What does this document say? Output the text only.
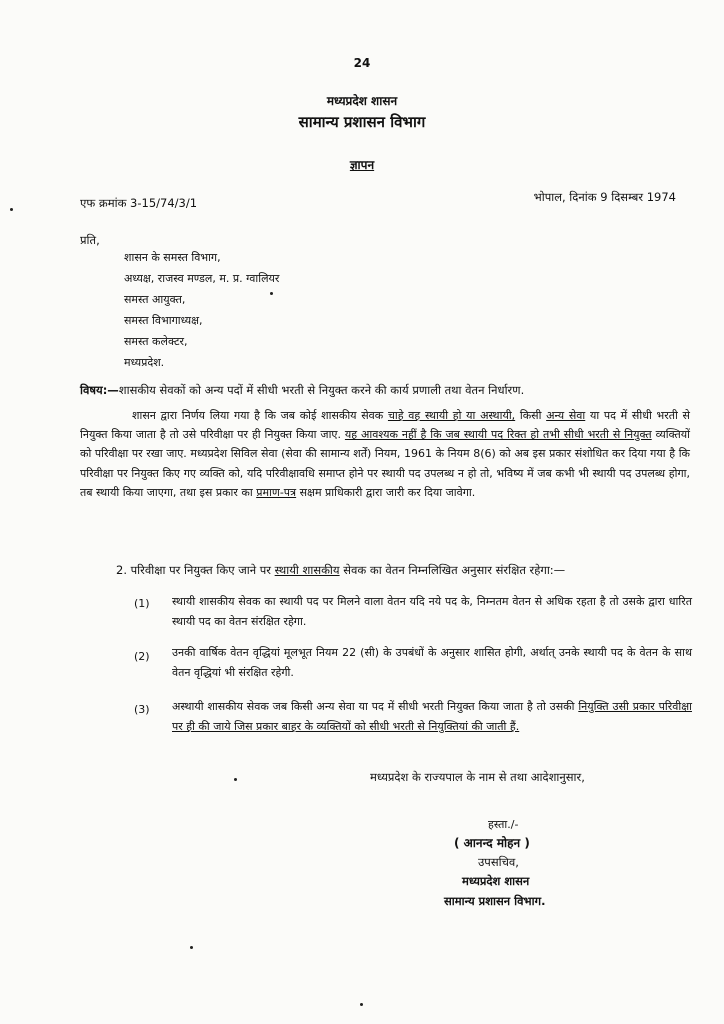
24
मध्यप्रदेश शासन
सामान्य प्रशासन विभाग
ज्ञापन
एफ क्रमांक 3-15/74/3/1	भोपाल, दिनांक 9 दिसम्बर 1974
प्रति,
शासन के समस्त विभाग,
अध्यक्ष, राजस्व मण्डल, म. प्र. ग्वालियर
समस्त आयुक्त,
समस्त विभागाध्यक्ष,
समस्त कलेक्टर,
मध्यप्रदेश.
विषय:—शासकीय सेवकों को अन्य पदों में सीधी भरती से नियुक्त करने की कार्य प्रणाली तथा वेतन निर्धारण.
शासन द्वारा निर्णय लिया गया है कि जब कोई शासकीय सेवक चाहे वह स्थायी हो या अस्थायी, किसी अन्य सेवा या पद में सीधी भरती से नियुक्त किया जाता है तो उसे परिवीक्षा पर ही नियुक्त किया जाए. यह आवश्यक नहीं है कि जब स्थायी पद रिक्त हो तभी सीधी भरती से नियुक्त व्यक्तियों को परिवीक्षा पर रखा जाए. मध्यप्रदेश सिविल सेवा (सेवा की सामान्य शर्तें) नियम, 1961 के नियम 8(6) को अब इस प्रकार संशोधित कर दिया गया है कि परिवीक्षा पर नियुक्त किए गए व्यक्ति को, यदि परिवीक्षावधि समाप्त होने पर स्थायी पद उपलब्ध न हो तो, भविष्य में जब कभी भी स्थायी पद उपलब्ध होगा, तब स्थायी किया जाएगा, तथा इस प्रकार का प्रमाण-पत्र सक्षम प्राधिकारी द्वारा जारी कर दिया जावेगा.
2. परिवीक्षा पर नियुक्त किए जाने पर स्थायी शासकीय सेवक का वेतन निम्नलिखित अनुसार संरक्षित रहेगा:—
(1) स्थायी शासकीय सेवक का स्थायी पद पर मिलने वाला वेतन यदि नये पद के, निम्नतम वेतन से अधिक रहता है तो उसके द्वारा धारित स्थायी पद का वेतन संरक्षित रहेगा.
(2) उनकी वार्षिक वेतन वृद्धियां मूलभूत नियम 22 (सी) के उपबंधों के अनुसार शासित होगी, अर्थात् उनके स्थायी पद के वेतन के साथ वेतन वृद्धियां भी संरक्षित रहेगी.
(3) अस्थायी शासकीय सेवक जब किसी अन्य सेवा या पद में सीधी भरती नियुक्त किया जाता है तो उसकी नियुक्ति उसी प्रकार परिवीक्षा पर ही की जाये जिस प्रकार बाहर के व्यक्तियों को सीधी भरती से नियुक्तियां की जाती हैं.
मध्यप्रदेश के राज्यपाल के नाम से तथा आदेशानुसार,
हस्ता./-
( आनन्द मोहन )
उपसचिव,
मध्यप्रदेश शासन
सामान्य प्रशासन विभाग.
